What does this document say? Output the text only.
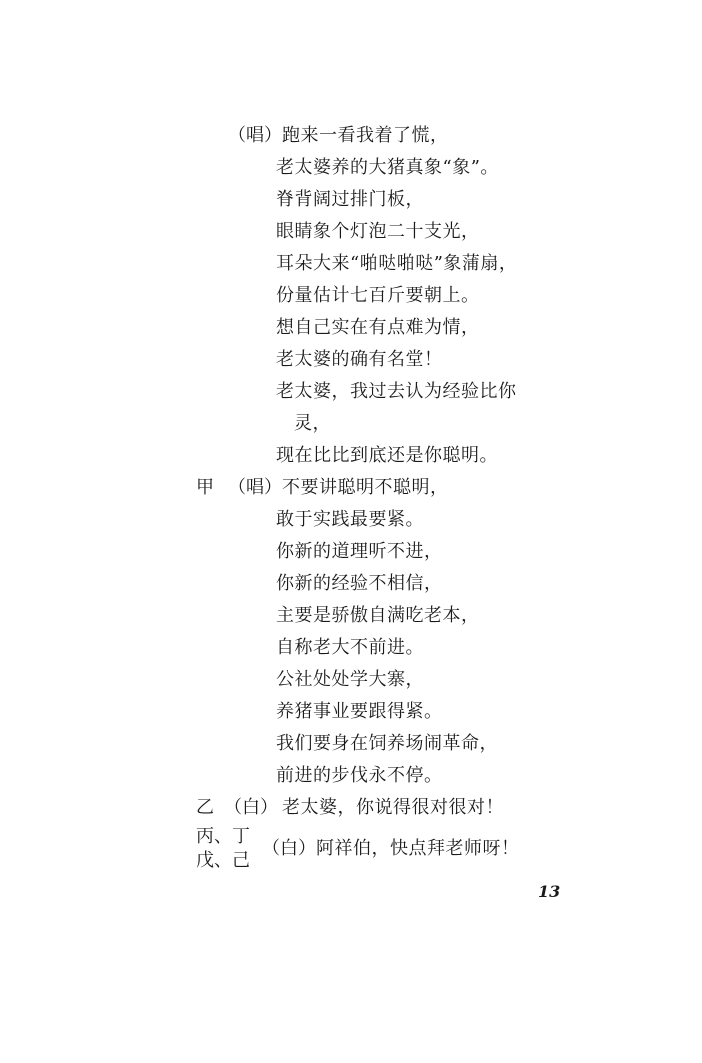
（唱） 跑来一看我着了慌，
老太婆养的大猪真象“象”。
脊背阔过排门板，
眼睛象个灯泡二十支光，
耳朵大来“啪哒啪哒”象蒲扇，
份量估计七百斤要朝上。
想自己实在有点难为情，
老太婆的确有名堂！
老太婆，我过去认为经验比你
灵，
现在比比到底还是你聪明。
甲 （唱） 不要讲聪明不聪明，
敢于实践最要紧。
你新的道理听不进，
你新的经验不相信，
主要是骄傲自满吃老本，
自称老大不前进。
公社处处学大寨，
养猪事业要跟得紧。
我们要身在饲养场闹革命，
前进的步伐永不停。
乙 （白） 老太婆，你说得很对很对！
丙、丁
戊、己
（白） 阿祥伯，快点拜老师呀！
13
